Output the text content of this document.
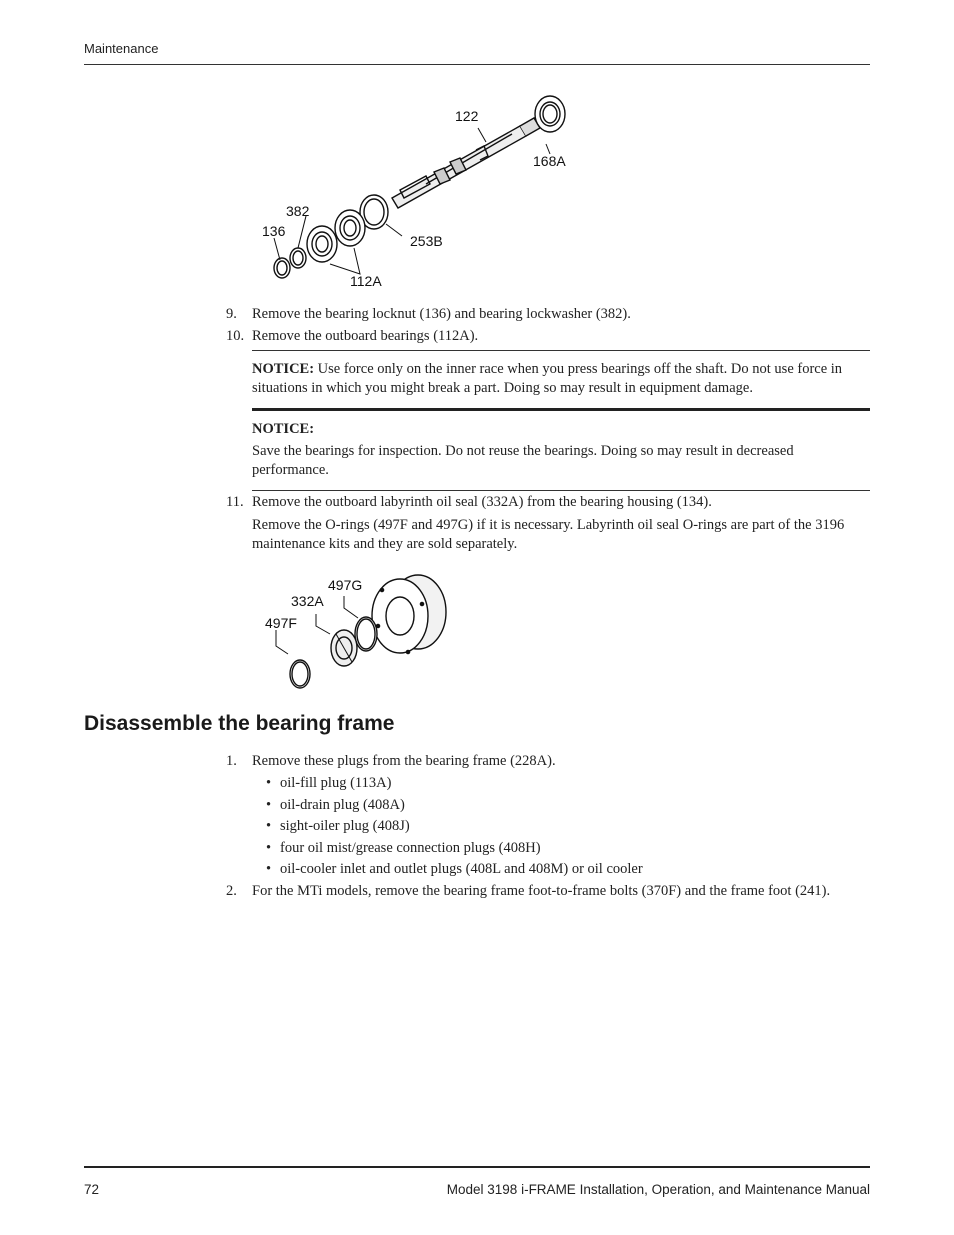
Maintenance
122
168A
382
136
253B
112A
9. Remove the bearing locknut (136) and bearing lockwasher (382).
10. Remove the outboard bearings (112A).
NOTICE: Use force only on the inner race when you press bearings off the shaft. Do not use force in situations in which you might break a part. Doing so may result in equipment damage.
NOTICE:
Save the bearings for inspection. Do not reuse the bearings. Doing so may result in decreased performance.
11. Remove the outboard labyrinth oil seal (332A) from the bearing housing (134).
Remove the O-rings (497F and 497G) if it is necessary. Labyrinth oil seal O-rings are part of the 3196 maintenance kits and they are sold separately.
497G
332A
497F
Disassemble the bearing frame
1. Remove these plugs from the bearing frame (228A).
• oil-fill plug (113A)
• oil-drain plug (408A)
• sight-oiler plug (408J)
• four oil mist/grease connection plugs (408H)
• oil-cooler inlet and outlet plugs (408L and 408M) or oil cooler
2. For the MTi models, remove the bearing frame foot-to-frame bolts (370F) and the frame foot (241).
72	Model 3198 i-FRAME Installation, Operation, and Maintenance Manual
